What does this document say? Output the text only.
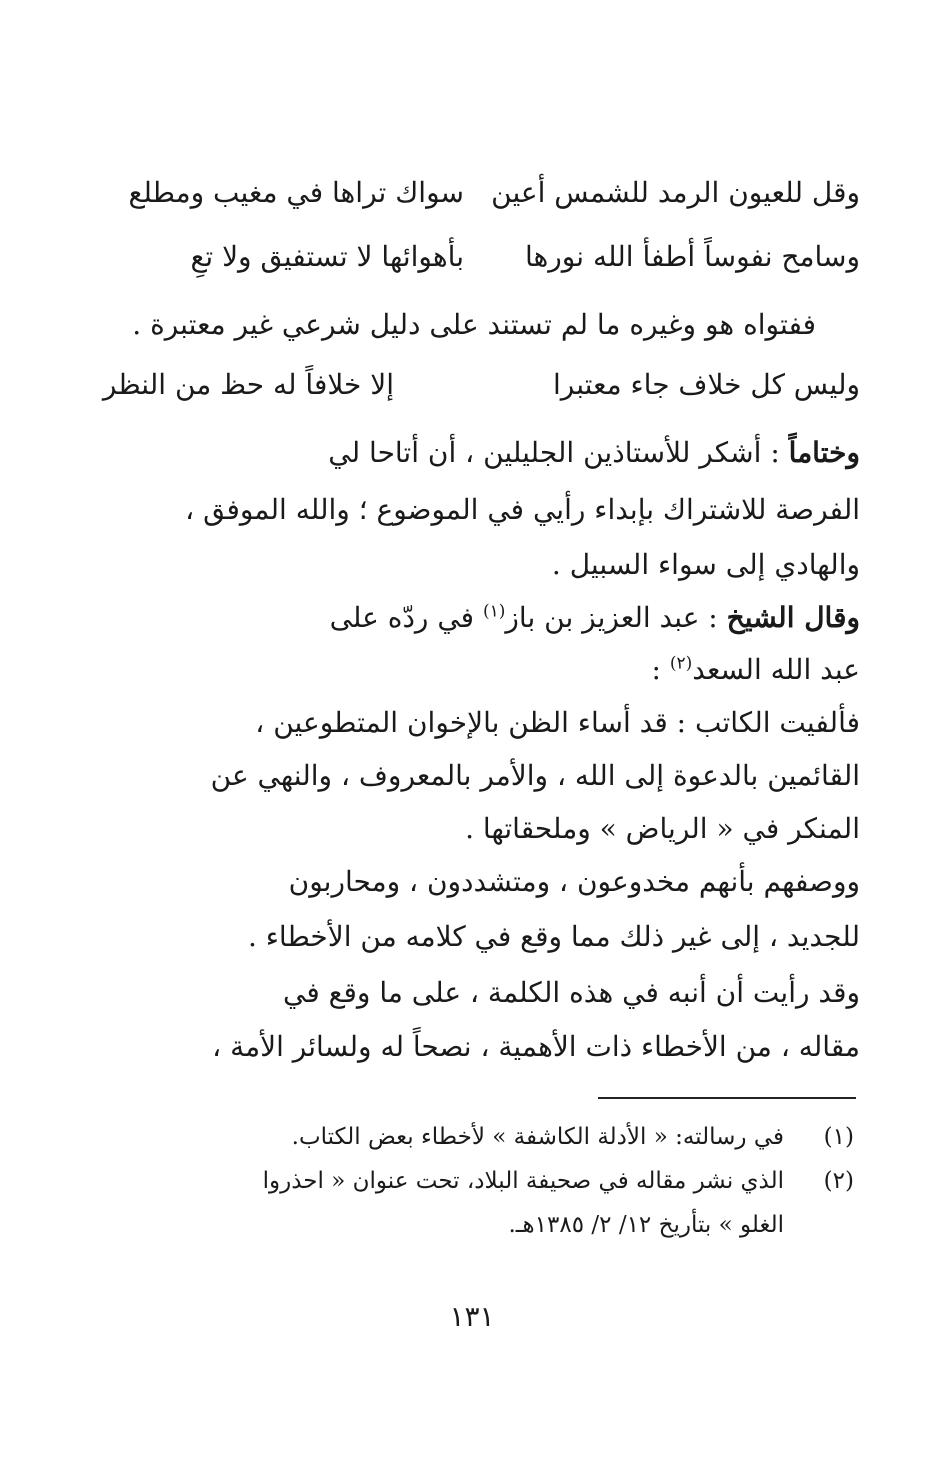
وقل للعيون الرمد للشمس أعين
سواك تراها في مغيب ومطلع
وسامح نفوساً أطفأ الله نورها
بأهوائها لا تستفيق ولا تعِ
ففتواه هو وغيره ما لم تستند على دليل شرعي غير معتبرة .
وليس كل خلاف جاء معتبرا
إلا خلافاً له حظ من النظر
وختاماً : أشكر للأستاذين الجليلين ، أن أتاحا لي
الفرصة للاشتراك بإبداء رأيي في الموضوع ؛ والله الموفق ،
والهادي إلى سواء السبيل .
وقال الشيخ : عبد العزيز بن باز$^{(١)}$ في ردّه على
عبد الله السعد$^{(٢)}$ :
فألفيت الكاتب : قد أساء الظن بالإخوان المتطوعين ،
القائمين بالدعوة إلى الله ، والأمر بالمعروف ، والنهي عن
المنكر في « الرياض » وملحقاتها .
ووصفهم بأنهم مخدوعون ، ومتشددون ، ومحاربون
للجديد ، إلى غير ذلك مما وقع في كلامه من الأخطاء .
وقد رأيت أن أنبه في هذه الكلمة ، على ما وقع في
مقاله ، من الأخطاء ذات الأهمية ، نصحاً له ولسائر الأمة ،
(١)
في رسالته: « الأدلة الكاشفة » لأخطاء بعض الكتاب.
(٢)
الذي نشر مقاله في صحيفة البلاد، تحت عنوان « احذروا
الغلو » بتأريخ ١٢/ ٢/ ١٣٨٥هـ.
١٣١
